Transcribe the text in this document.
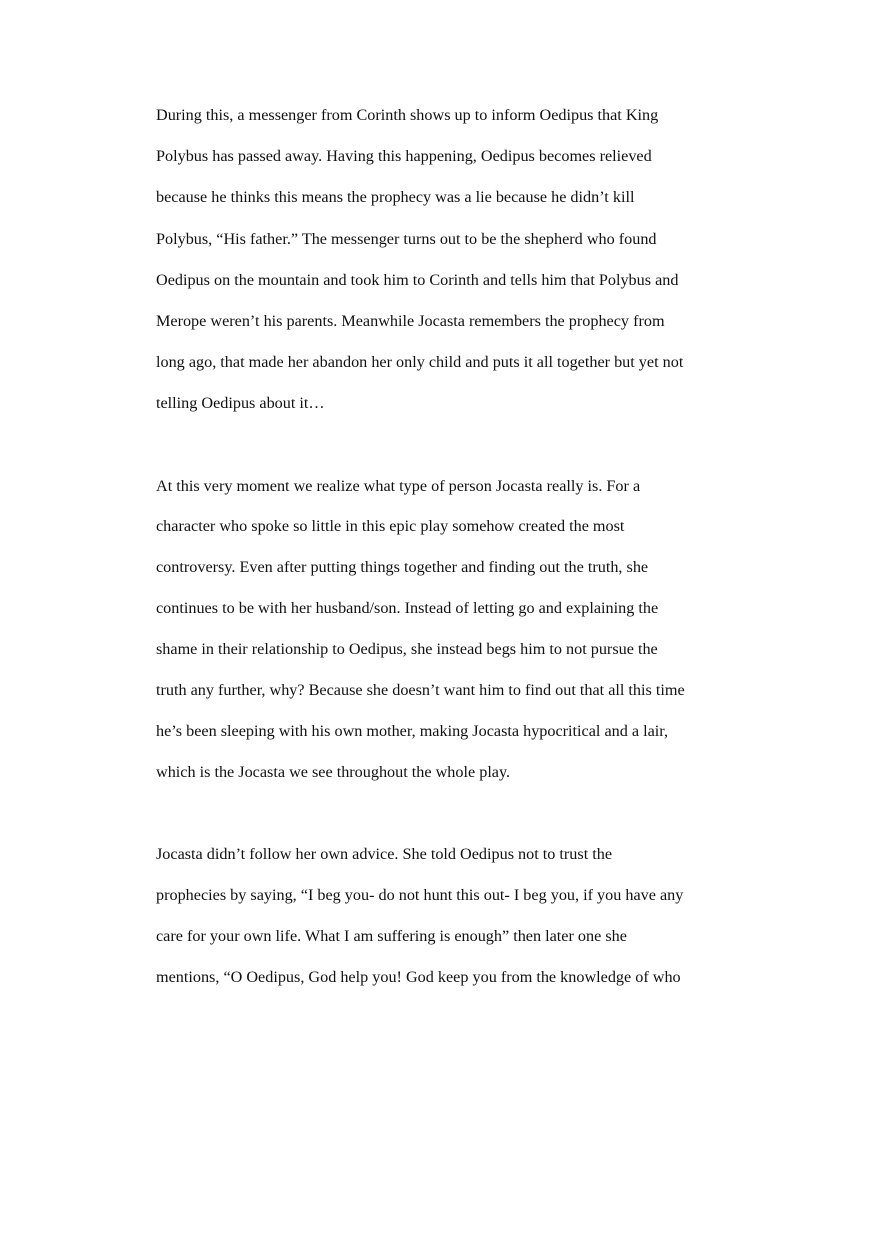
During this, a messenger from Corinth shows up to inform Oedipus that King
Polybus has passed away. Having this happening, Oedipus becomes relieved
because he thinks this means the prophecy was a lie because he didn’t kill
Polybus, “His father.” The messenger turns out to be the shepherd who found
Oedipus on the mountain and took him to Corinth and tells him that Polybus and
Merope weren’t his parents. Meanwhile Jocasta remembers the prophecy from
long ago, that made her abandon her only child and puts it all together but yet not
telling Oedipus about it…
At this very moment we realize what type of person Jocasta really is. For a
character who spoke so little in this epic play somehow created the most
controversy. Even after putting things together and finding out the truth, she
continues to be with her husband/son. Instead of letting go and explaining the
shame in their relationship to Oedipus, she instead begs him to not pursue the
truth any further, why? Because she doesn’t want him to find out that all this time
he’s been sleeping with his own mother, making Jocasta hypocritical and a lair,
which is the Jocasta we see throughout the whole play.
Jocasta didn’t follow her own advice. She told Oedipus not to trust the
prophecies by saying, “I beg you- do not hunt this out- I beg you, if you have any
care for your own life. What I am suffering is enough” then later one she
mentions, “O Oedipus, God help you! God keep you from the knowledge of who
